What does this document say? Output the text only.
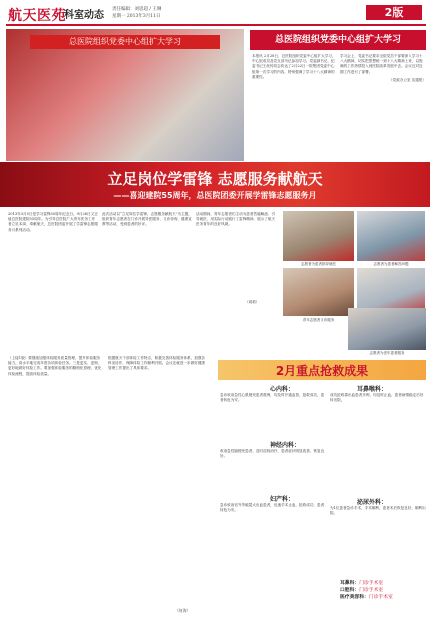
航天医苑
科室动态
责任编辑：刘思超 / 王琳
星期一 2013年3月11日	2版
总医院组织党委中心组扩大学习	总医院组织党委中心组扩大学习

本报讯 2月28日，总医院组织党委中心组扩大学习，中心组成员及党支部书记参加学习。党委副书记、纪委书记王丝传同志传达了2月22日一院集团党委中心组第一次学习的内容，特别强调了学习十八大精神的重要性。

学习会上，党委书记要求全院党员干部要深入学习十八大精神，切实把思想统一到十八大精神上来，以饱满的工作热情投入到医院改革发展中去。会议还对近期工作进行了部署。

（党政办公室 宣通报）

立足岗位学雷锋 志愿服务献航天
——喜迎建院55周年，总医院团委开展学雷锋志愿服务月

2013年3月5日是学习雷锋50周年纪念日。9月26日又正值总医院建院55周年。为引导总医院广大青年医务工作者立足本岗、奉献航天，总医院团委开展了学雷锋志愿服务月系列活动。

此次活动以“立足岗位学雷锋，志愿服务献航天”为主题，组织青年志愿者在门诊开展导医服务、义诊咨询、健康宣教等活动，受到患者的好评。

活动期间，青年志愿者们主动为患者答疑解惑、引导就医，用实际行动践行了雷锋精神，展示了航天医务青年的良好风貌。

（周莉）
志愿者为患者指导就医	志愿者为患者解答问题
青年志愿者义诊服务
志愿者为老年患者服务

（上接1版）要继续加强体检服务质量管理，提升体检服务能力。高水平地完成年度各项体检任务。三是更实、更细、更好地做好体检工作。要加强体检服务的精细化管理，优化体检流程，提高体检质量。

根据航天干部体检工作特点，积极完善体检服务体系，加强各科室协作，保障体检工作顺利开展。会议还就进一步做好健康管理工作提出了具体要求。

（何涛）
2月重点抢救成果
心内科：
急诊收治急性心肌梗死患者数例，均及时开通血管，抢救成功，患者转危为安。
神经内科：
收治急性脑梗死患者，及时溶栓治疗，患者症状明显改善，恢复良好。
妇产科：
急诊收治宫外孕破裂大出血患者，迅速手术止血，抢救成功，患者转危为安。
耳鼻喉科：
成功抢救鼻出血患者多例，均及时止血，患者病情稳定后好转出院。
泌尿外科：
为1位患者急诊手术，手术顺利，患者术后恢复良好，顺利出院。
耳鼻科：门诊手术室
口腔科：门诊手术室
医疗美容科：门诊手术室
